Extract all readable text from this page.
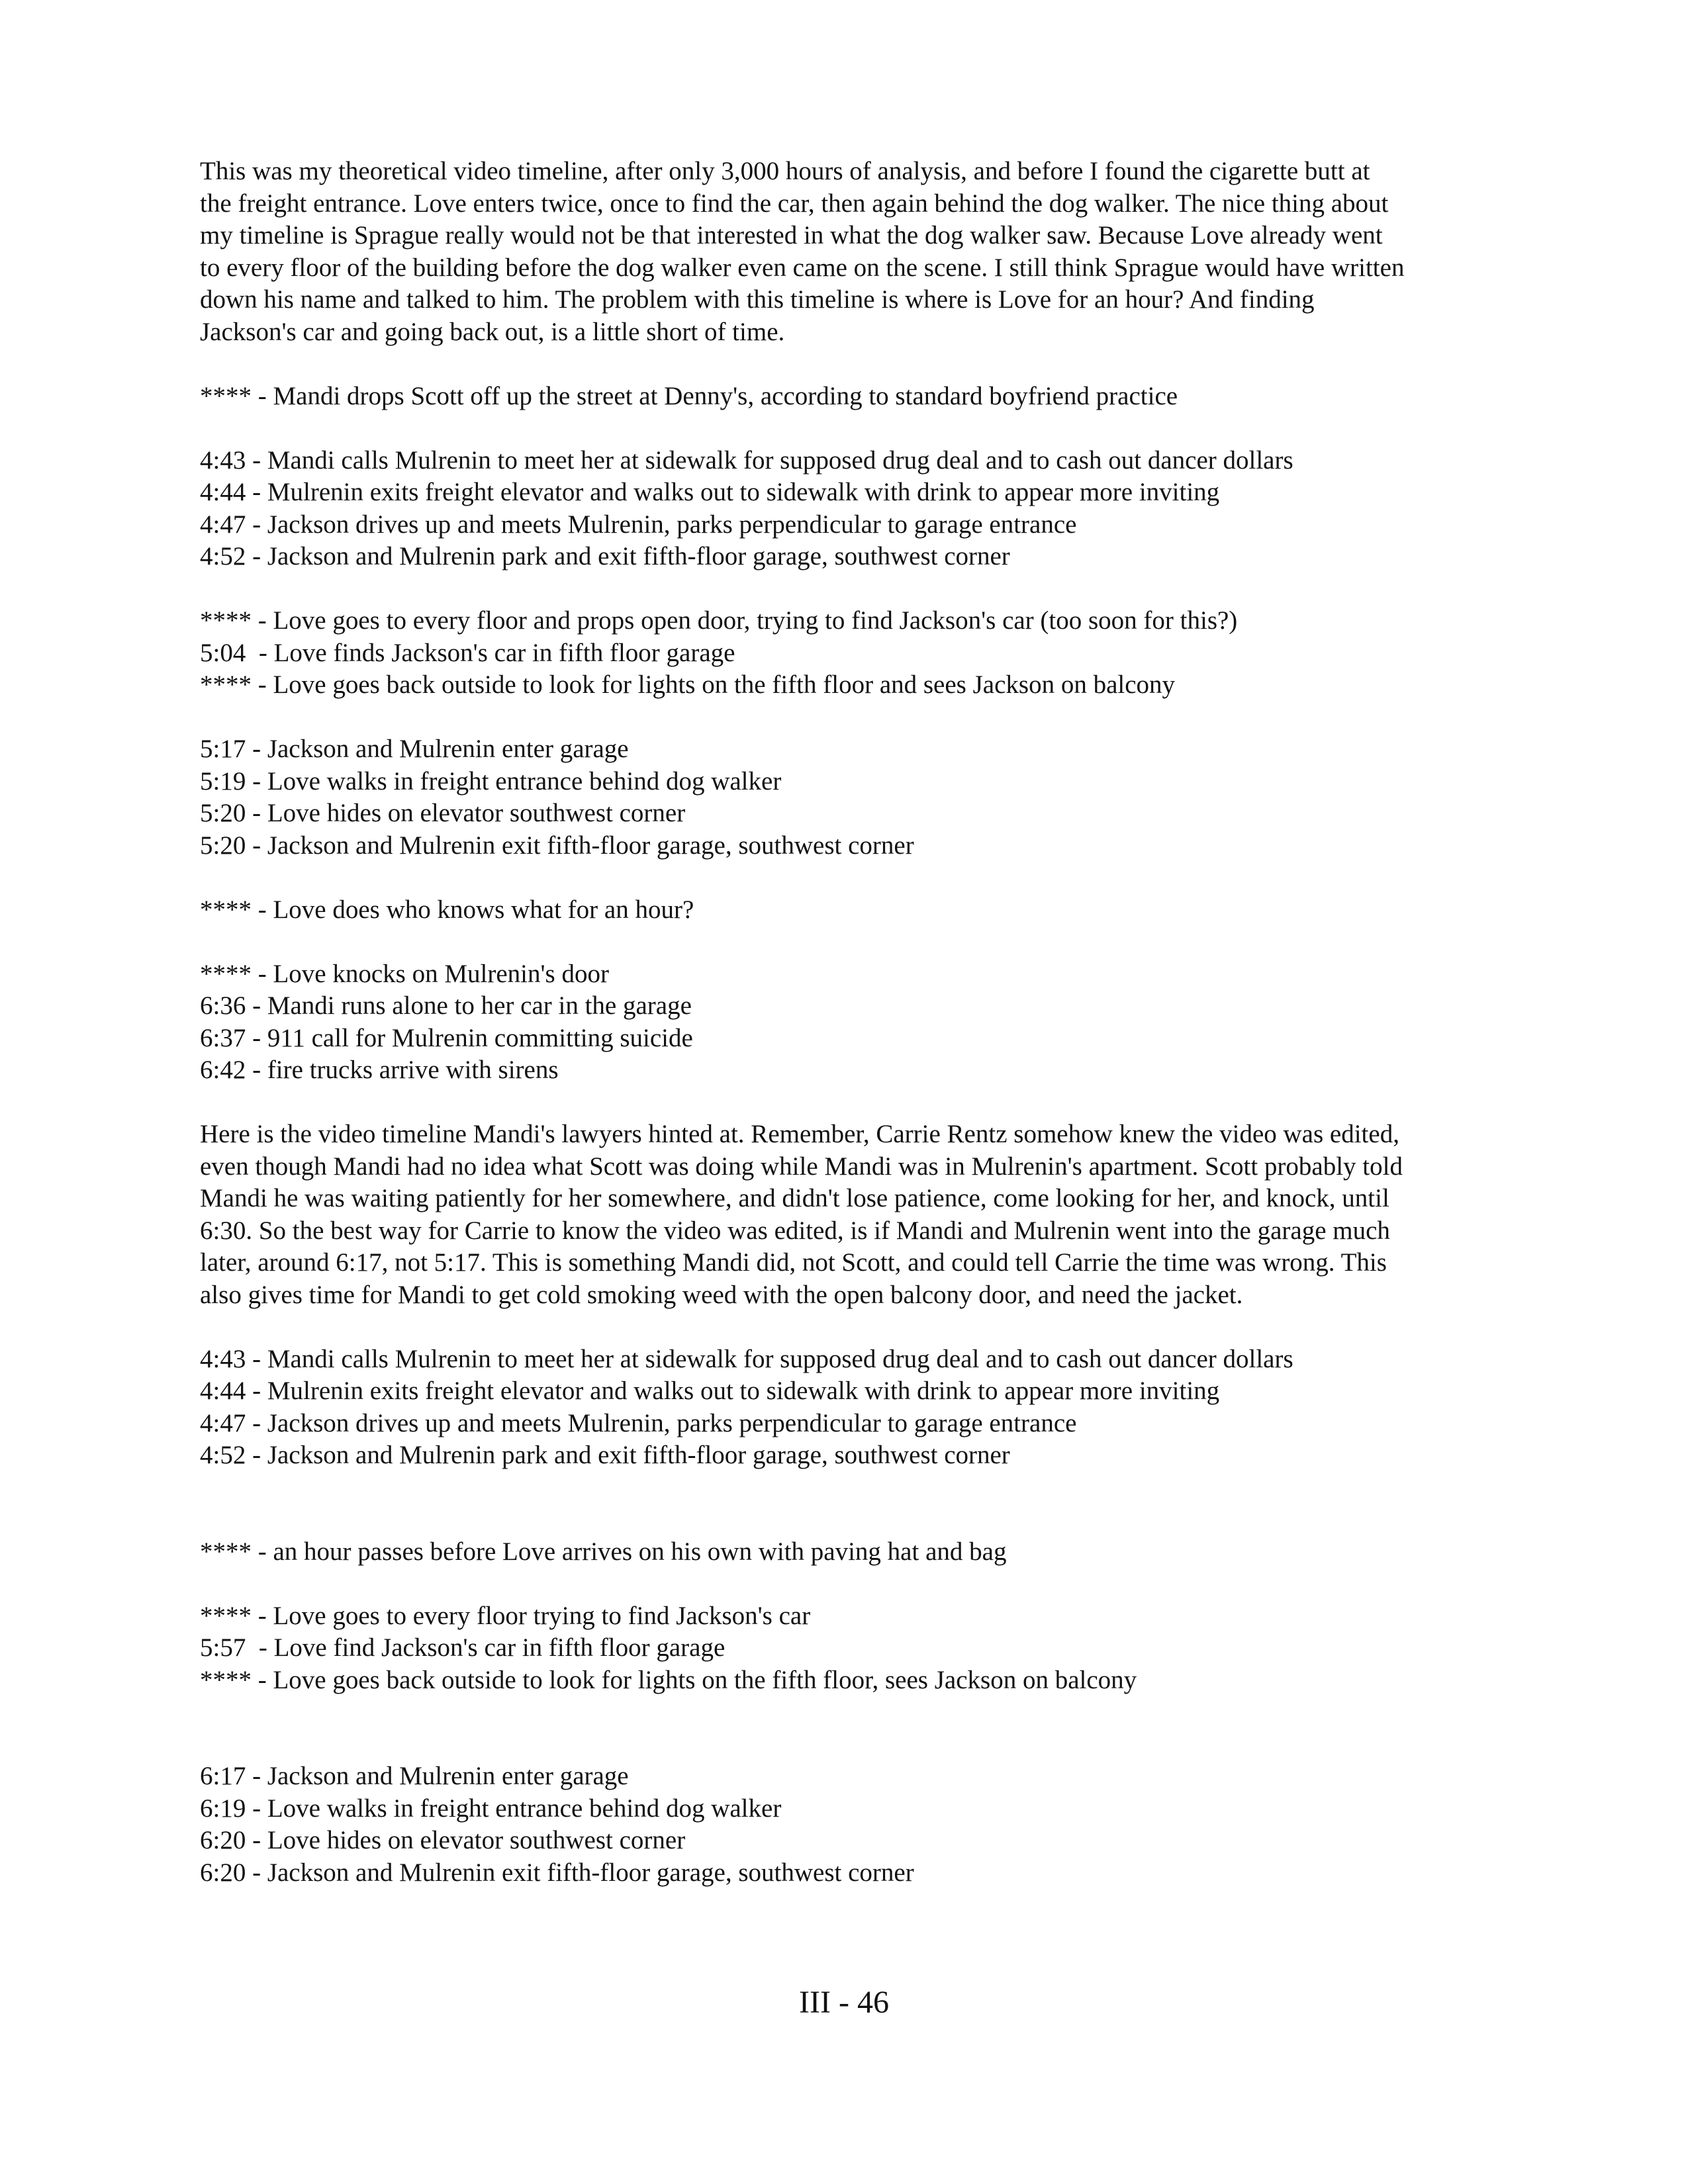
This was my theoretical video timeline, after only 3,000 hours of analysis, and before I found the cigarette butt at
the freight entrance. Love enters twice, once to find the car, then again behind the dog walker. The nice thing about
my timeline is Sprague really would not be that interested in what the dog walker saw. Because Love already went
to every floor of the building before the dog walker even came on the scene. I still think Sprague would have written
down his name and talked to him. The problem with this timeline is where is Love for an hour? And finding
Jackson's car and going back out, is a little short of time.
**** - Mandi drops Scott off up the street at Denny's, according to standard boyfriend practice
4:43 - Mandi calls Mulrenin to meet her at sidewalk for supposed drug deal and to cash out dancer dollars
4:44 - Mulrenin exits freight elevator and walks out to sidewalk with drink to appear more inviting
4:47 - Jackson drives up and meets Mulrenin, parks perpendicular to garage entrance
4:52 - Jackson and Mulrenin park and exit fifth-floor garage, southwest corner
**** - Love goes to every floor and props open door, trying to find Jackson's car (too soon for this?)
5:04  - Love finds Jackson's car in fifth floor garage
**** - Love goes back outside to look for lights on the fifth floor and sees Jackson on balcony
5:17 - Jackson and Mulrenin enter garage
5:19 - Love walks in freight entrance behind dog walker
5:20 - Love hides on elevator southwest corner
5:20 - Jackson and Mulrenin exit fifth-floor garage, southwest corner
**** - Love does who knows what for an hour?
**** - Love knocks on Mulrenin's door
6:36 - Mandi runs alone to her car in the garage
6:37 - 911 call for Mulrenin committing suicide
6:42 - fire trucks arrive with sirens
Here is the video timeline Mandi's lawyers hinted at. Remember, Carrie Rentz somehow knew the video was edited,
even though Mandi had no idea what Scott was doing while Mandi was in Mulrenin's apartment. Scott probably told
Mandi he was waiting patiently for her somewhere, and didn't lose patience, come looking for her, and knock, until
6:30. So the best way for Carrie to know the video was edited, is if Mandi and Mulrenin went into the garage much
later, around 6:17, not 5:17. This is something Mandi did, not Scott, and could tell Carrie the time was wrong. This
also gives time for Mandi to get cold smoking weed with the open balcony door, and need the jacket.
4:43 - Mandi calls Mulrenin to meet her at sidewalk for supposed drug deal and to cash out dancer dollars
4:44 - Mulrenin exits freight elevator and walks out to sidewalk with drink to appear more inviting
4:47 - Jackson drives up and meets Mulrenin, parks perpendicular to garage entrance
4:52 - Jackson and Mulrenin park and exit fifth-floor garage, southwest corner
**** - an hour passes before Love arrives on his own with paving hat and bag
**** - Love goes to every floor trying to find Jackson's car
5:57  - Love find Jackson's car in fifth floor garage
**** - Love goes back outside to look for lights on the fifth floor, sees Jackson on balcony
6:17 - Jackson and Mulrenin enter garage
6:19 - Love walks in freight entrance behind dog walker
6:20 - Love hides on elevator southwest corner
6:20 - Jackson and Mulrenin exit fifth-floor garage, southwest corner
III - 46
